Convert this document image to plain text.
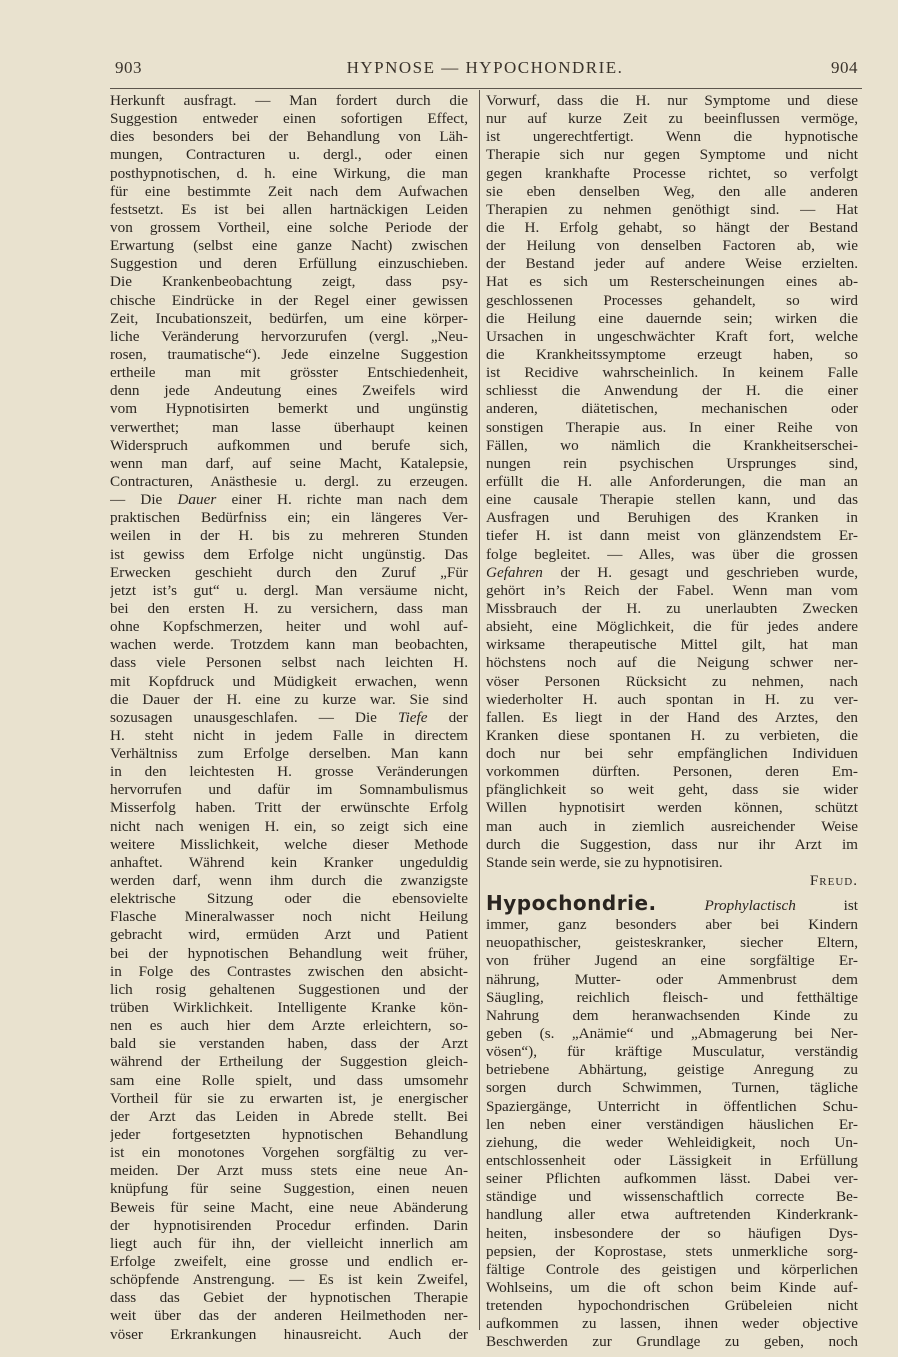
903	HYPNOSE — HYPOCHONDRIE.	904
Herkunft ausfragt. — Man fordert durch die
Suggestion entweder einen sofortigen Effect,
dies besonders bei der Behandlung von Läh-
mungen, Contracturen u. dergl., oder einen
posthypnotischen, d. h. eine Wirkung, die man
für eine bestimmte Zeit nach dem Aufwachen
festsetzt. Es ist bei allen hartnäckigen Leiden
von grossem Vortheil, eine solche Periode der
Erwartung (selbst eine ganze Nacht) zwischen
Suggestion und deren Erfüllung einzuschieben.
Die Krankenbeobachtung zeigt, dass psy-
chische Eindrücke in der Regel einer gewissen
Zeit, Incubationszeit, bedürfen, um eine körper-
liche Veränderung hervorzurufen (vergl. „Neu-
rosen, traumatische“). Jede einzelne Suggestion
ertheile man mit grösster Entschiedenheit,
denn jede Andeutung eines Zweifels wird
vom Hypnotisirten bemerkt und ungünstig
verwerthet; man lasse überhaupt keinen
Widerspruch aufkommen und berufe sich,
wenn man darf, auf seine Macht, Katalepsie,
Contracturen, Anästhesie u. dergl. zu erzeugen.
— Die Dauer einer H. richte man nach dem
praktischen Bedürfniss ein; ein längeres Ver-
weilen in der H. bis zu mehreren Stunden
ist gewiss dem Erfolge nicht ungünstig. Das
Erwecken geschieht durch den Zuruf „Für
jetzt ist’s gut“ u. dergl. Man versäume nicht,
bei den ersten H. zu versichern, dass man
ohne Kopfschmerzen, heiter und wohl auf-
wachen werde. Trotzdem kann man beobachten,
dass viele Personen selbst nach leichten H.
mit Kopfdruck und Müdigkeit erwachen, wenn
die Dauer der H. eine zu kurze war. Sie sind
sozusagen unausgeschlafen. — Die Tiefe der
H. steht nicht in jedem Falle in directem
Verhältniss zum Erfolge derselben. Man kann
in den leichtesten H. grosse Veränderungen
hervorrufen und dafür im Somnambulismus
Misserfolg haben. Tritt der erwünschte Erfolg
nicht nach wenigen H. ein, so zeigt sich eine
weitere Misslichkeit, welche dieser Methode
anhaftet. Während kein Kranker ungeduldig
werden darf, wenn ihm durch die zwanzigste
elektrische Sitzung oder die ebensovielte
Flasche Mineralwasser noch nicht Heilung
gebracht wird, ermüden Arzt und Patient
bei der hypnotischen Behandlung weit früher,
in Folge des Contrastes zwischen den absicht-
lich rosig gehaltenen Suggestionen und der
trüben Wirklichkeit. Intelligente Kranke kön-
nen es auch hier dem Arzte erleichtern, so-
bald sie verstanden haben, dass der Arzt
während der Ertheilung der Suggestion gleich-
sam eine Rolle spielt, und dass umsomehr
Vortheil für sie zu erwarten ist, je energischer
der Arzt das Leiden in Abrede stellt. Bei
jeder fortgesetzten hypnotischen Behandlung
ist ein monotones Vorgehen sorgfältig zu ver-
meiden. Der Arzt muss stets eine neue An-
knüpfung für seine Suggestion, einen neuen
Beweis für seine Macht, eine neue Abänderung
der hypnotisirenden Procedur erfinden. Darin
liegt auch für ihn, der vielleicht innerlich am
Erfolge zweifelt, eine grosse und endlich er-
schöpfende Anstrengung. — Es ist kein Zweifel,
dass das Gebiet der hypnotischen Therapie
weit über das der anderen Heilmethoden ner-
vöser Erkrankungen hinausreicht. Auch der
Vorwurf, dass die H. nur Symptome und diese
nur auf kurze Zeit zu beeinflussen vermöge,
ist ungerechtfertigt. Wenn die hypnotische
Therapie sich nur gegen Symptome und nicht
gegen krankhafte Processe richtet, so verfolgt
sie eben denselben Weg, den alle anderen
Therapien zu nehmen genöthigt sind. — Hat
die H. Erfolg gehabt, so hängt der Bestand
der Heilung von denselben Factoren ab, wie
der Bestand jeder auf andere Weise erzielten.
Hat es sich um Resterscheinungen eines ab-
geschlossenen Processes gehandelt, so wird
die Heilung eine dauernde sein; wirken die
Ursachen in ungeschwächter Kraft fort, welche
die Krankheitssymptome erzeugt haben, so
ist Recidive wahrscheinlich. In keinem Falle
schliesst die Anwendung der H. die einer
anderen, diätetischen, mechanischen oder
sonstigen Therapie aus. In einer Reihe von
Fällen, wo nämlich die Krankheitserschei-
nungen rein psychischen Ursprunges sind,
erfüllt die H. alle Anforderungen, die man an
eine causale Therapie stellen kann, und das
Ausfragen und Beruhigen des Kranken in
tiefer H. ist dann meist von glänzendstem Er-
folge begleitet. — Alles, was über die grossen
Gefahren der H. gesagt und geschrieben wurde,
gehört in’s Reich der Fabel. Wenn man vom
Missbrauch der H. zu unerlaubten Zwecken
absieht, eine Möglichkeit, die für jedes andere
wirksame therapeutische Mittel gilt, hat man
höchstens noch auf die Neigung schwer ner-
vöser Personen Rücksicht zu nehmen, nach
wiederholter H. auch spontan in H. zu ver-
fallen. Es liegt in der Hand des Arztes, den
Kranken diese spontanen H. zu verbieten, die
doch nur bei sehr empfänglichen Individuen
vorkommen dürften. Personen, deren Em-
pfänglichkeit so weit geht, dass sie wider
Willen hypnotisirt werden können, schützt
man auch in ziemlich ausreichender Weise
durch die Suggestion, dass nur ihr Arzt im
Stande sein werde, sie zu hypnotisiren.
Freud.
Hypochondrie.	Prophylactisch	ist
immer, ganz besonders aber bei Kindern
neuopathischer, geisteskranker, siecher Eltern,
von früher Jugend an eine sorgfältige Er-
nährung, Mutter- oder Ammenbrust dem
Säugling, reichlich fleisch- und fetthältige
Nahrung dem heranwachsenden Kinde zu
geben (s. „Anämie“ und „Abmagerung bei Ner-
vösen“), für kräftige Musculatur, verständig
betriebene Abhärtung, geistige Anregung zu
sorgen durch Schwimmen, Turnen, tägliche
Spaziergänge, Unterricht in öffentlichen Schu-
len neben einer verständigen häuslichen Er-
ziehung, die weder Wehleidigkeit, noch Un-
entschlossenheit oder Lässigkeit in Erfüllung
seiner Pflichten aufkommen lässt. Dabei ver-
ständige und wissenschaftlich correcte Be-
handlung aller etwa auftretenden Kinderkrank-
heiten, insbesondere der so häufigen Dys-
pepsien, der Koprostase, stets unmerkliche sorg-
fältige Controle des geistigen und körperlichen
Wohlseins, um die oft schon beim Kinde auf-
tretenden hypochondrischen Grübeleien nicht
aufkommen zu lassen, ihnen weder objective
Beschwerden zur Grundlage zu geben, noch
